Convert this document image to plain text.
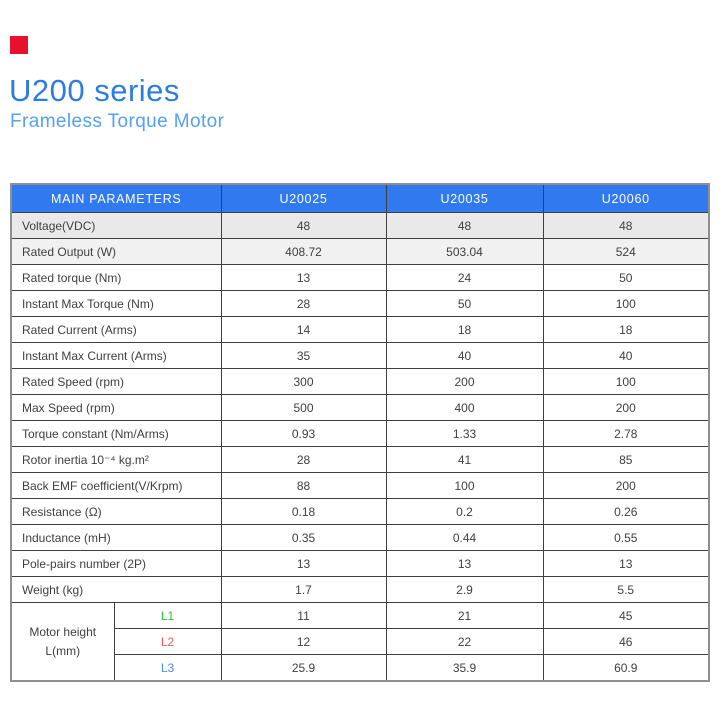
U200 series
Frameless Torque Motor
MAIN PARAMETERS		U20025	U20035	U20060
Voltage(VDC)		48	48	48
Rated Output (W)		408.72	503.04	524
Rated torque (Nm)		13	24	50
Instant Max Torque (Nm)		28	50	100
Rated Current (Arms)		14	18	18
Instant Max Current (Arms)		35	40	40
Rated Speed (rpm)		300	200	100
Max Speed (rpm)		500	400	200
Torque constant (Nm/Arms)		0.93	1.33	2.78
Rotor inertia 10⁻⁴ kg.m²		28	41	85
Back EMF coefficient(V/Krpm)		88	100	200
Resistance (Ω)		0.18	0.2	0.26
Inductance (mH)		0.35	0.44	0.55
Pole-pairs number (2P)		13	13	13
Weight (kg)		1.7	2.9	5.5

Motor height
L(mm)	L1	11	21	45
	L2	12	22	46
	L3	25.9	35.9	60.9
